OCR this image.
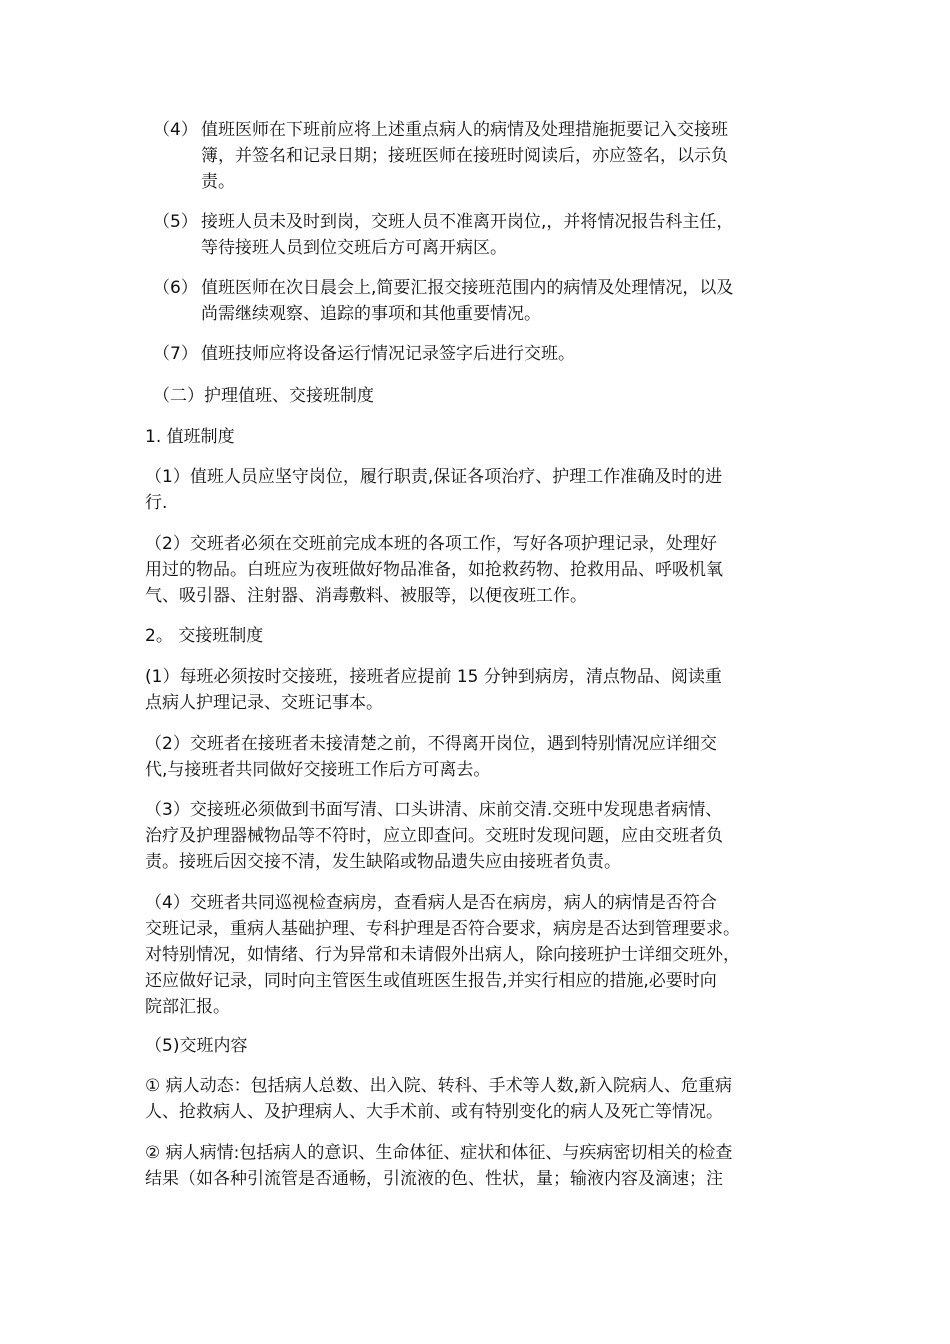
（4） 值班医师在下班前应将上述重点病人的病情及处理措施扼要记入交接班
簿，并签名和记录日期；接班医师在接班时阅读后，亦应签名，以示负
责。
（5） 接班人员未及时到岗，交班人员不准离开岗位,，并将情况报告科主任，
等待接班人员到位交班后方可离开病区。
（6） 值班医师在次日晨会上,简要汇报交接班范围内的病情及处理情况，以及
尚需继续观察、追踪的事项和其他重要情况。
（7） 值班技师应将设备运行情况记录签字后进行交班。

（二）护理值班、交接班制度

1. 值班制度

（1）值班人员应坚守岗位，履行职责,保证各项治疗、护理工作准确及时的进
行.

（2）交班者必须在交班前完成本班的各项工作，写好各项护理记录，处理好
用过的物品。白班应为夜班做好物品准备，如抢救药物、抢救用品、呼吸机氧
气、吸引器、注射器、消毒敷料、被服等，以便夜班工作。

2。 交接班制度

(1）每班必须按时交接班，接班者应提前 15 分钟到病房，清点物品、阅读重
点病人护理记录、交班记事本。

（2）交班者在接班者未接清楚之前，不得离开岗位，遇到特别情况应详细交
代,与接班者共同做好交接班工作后方可离去。

（3）交接班必须做到书面写清、口头讲清、床前交清.交班中发现患者病情、
治疗及护理器械物品等不符时，应立即查问。交班时发现问题，应由交班者负
责。接班后因交接不清，发生缺陷或物品遗失应由接班者负责。

（4）交班者共同巡视检查病房，查看病人是否在病房，病人的病情是否符合
交班记录，重病人基础护理、专科护理是否符合要求，病房是否达到管理要求。
对特别情况，如情绪、行为异常和未请假外出病人，除向接班护士详细交班外，
还应做好记录，同时向主管医生或值班医生报告,并实行相应的措施,必要时向
院部汇报。

（5)交班内容

① 病人动态：包括病人总数、出入院、转科、手术等人数,新入院病人、危重病
人、抢救病人、及护理病人、大手术前、或有特别变化的病人及死亡等情况。

② 病人病情:包括病人的意识、生命体征、症状和体征、与疾病密切相关的检查
结果（如各种引流管是否通畅，引流液的色、性状，量；输液内容及滴速；注
